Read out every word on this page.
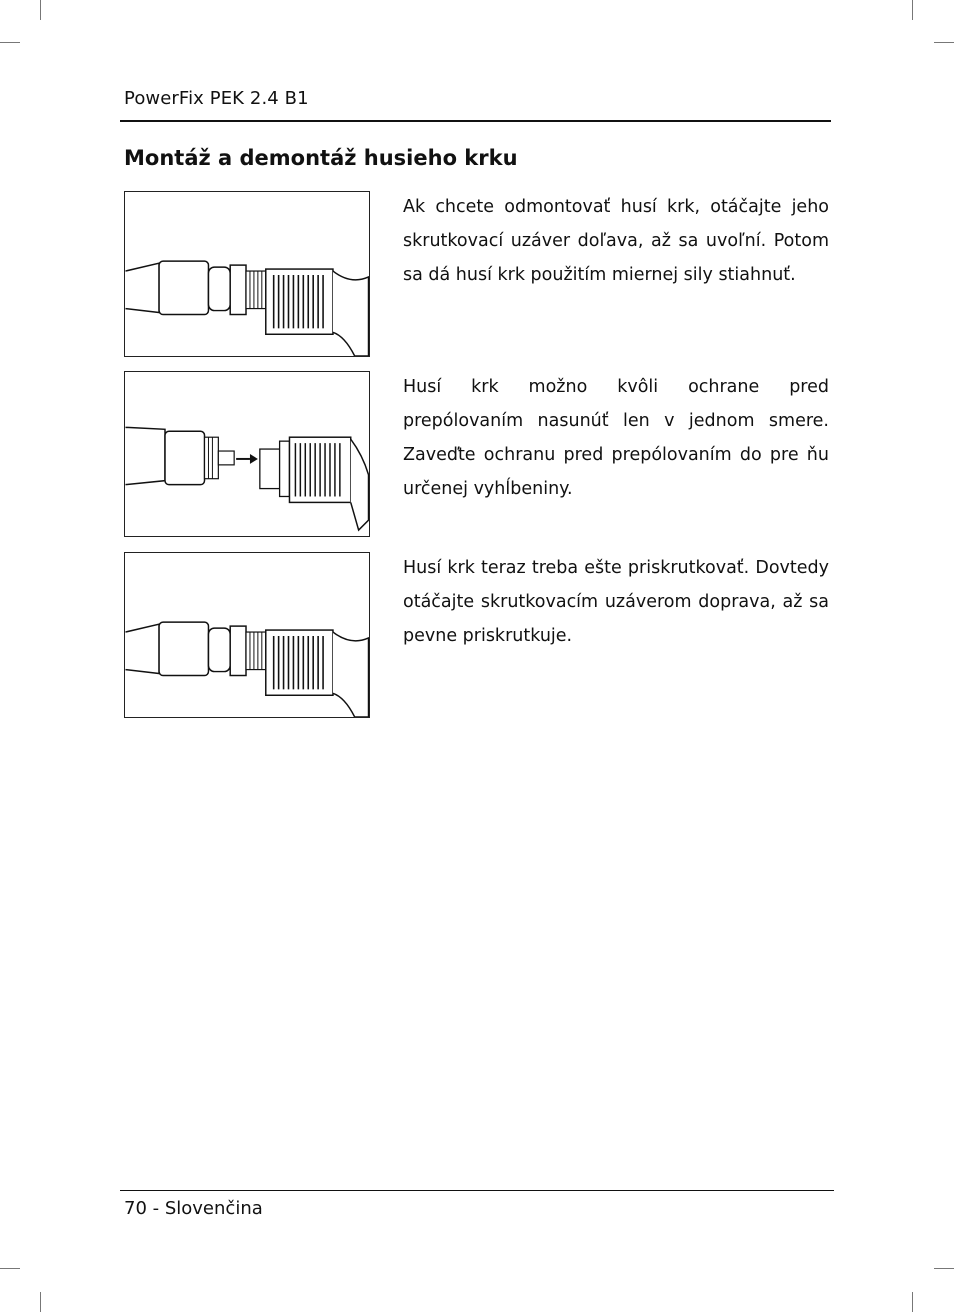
PowerFix PEK 2.4 B1
Montáž a demontáž husieho krku

Ak chcete odmontovať husí krk, otáčajte jeho skrutkovací uzáver doľava, až sa uvoľní. Potom sa dá husí krk použitím miernej sily stiahnuť.

Husí krk možno kvôli ochrane pred prepólovaním nasunúť len v jednom smere. Zaveďte ochranu pred prepólovaním do pre ňu určenej vyhĺbeniny.

Husí krk teraz treba ešte priskrutkovať. Dovtedy otáčajte skrutkovacím uzáverom doprava, až sa pevne priskrutkuje.

70 - Slovenčina
